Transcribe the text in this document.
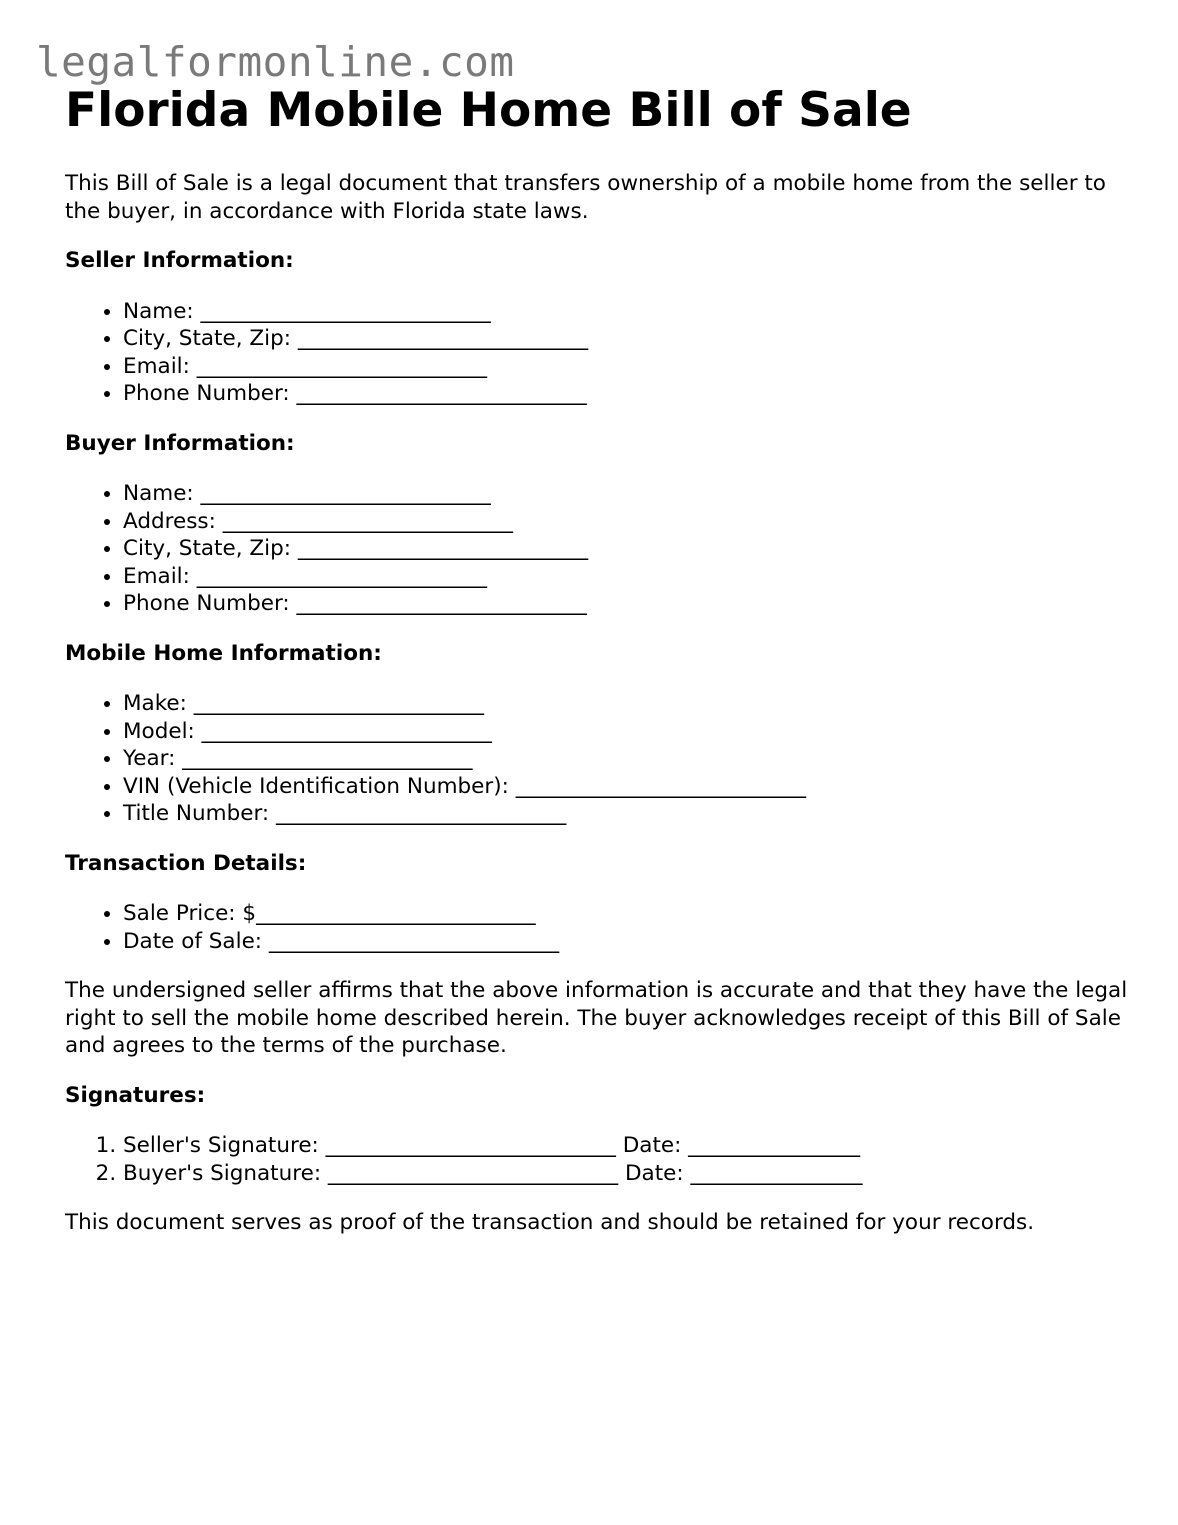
legalformonline.com
Florida Mobile Home Bill of Sale

This Bill of Sale is a legal document that transfers ownership of a mobile home from the seller to the buyer, in accordance with Florida state laws.

Seller Information:
• Name: ___________________________
• City, State, Zip: ___________________________
• Email: ___________________________
• Phone Number: ___________________________
Buyer Information:
• Name: ___________________________
• Address: ___________________________
• City, State, Zip: ___________________________
• Email: ___________________________
• Phone Number: ___________________________
Mobile Home Information:
• Make: ___________________________
• Model: ___________________________
• Year: ___________________________
• VIN (Vehicle Identification Number): ___________________________
• Title Number: ___________________________
Transaction Details:
• Sale Price: $__________________________
• Date of Sale: ___________________________

The undersigned seller affirms that the above information is accurate and that they have the legal right to sell the mobile home described herein. The buyer acknowledges receipt of this Bill of Sale and agrees to the terms of the purchase.

Signatures:
1. Seller's Signature: ___________________________ Date: ________________
2. Buyer's Signature: ___________________________ Date: ________________

This document serves as proof of the transaction and should be retained for your records.
